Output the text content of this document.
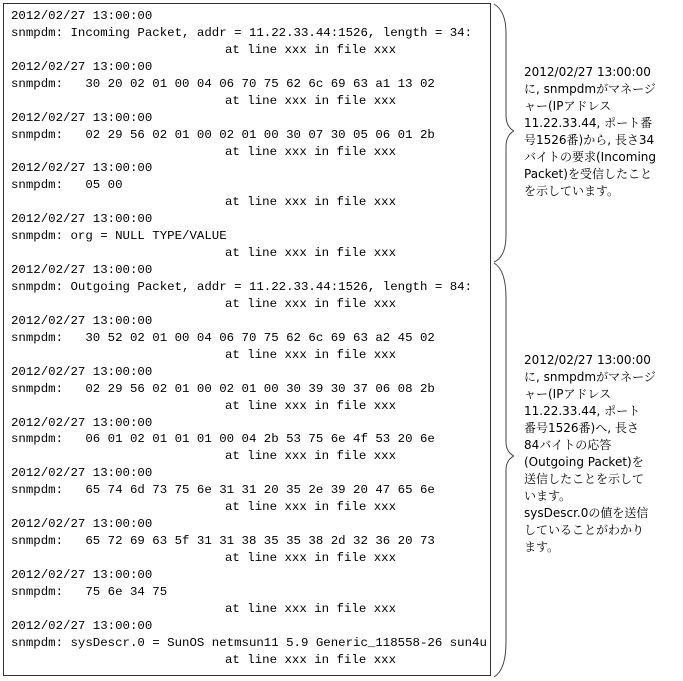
2012/02/27 13:00:00
snmpdm: Incoming Packet, addr = 11.22.33.44:1526, length = 34:
at line xxx in file xxx
2012/02/27 13:00:00
snmpdm:   30 20 02 01 00 04 06 70 75 62 6c 69 63 a1 13 02
at line xxx in file xxx
2012/02/27 13:00:00
snmpdm:   02 29 56 02 01 00 02 01 00 30 07 30 05 06 01 2b
at line xxx in file xxx
2012/02/27 13:00:00
snmpdm:   05 00
at line xxx in file xxx
2012/02/27 13:00:00
snmpdm: org = NULL TYPE/VALUE
at line xxx in file xxx
2012/02/27 13:00:00
snmpdm: Outgoing Packet, addr = 11.22.33.44:1526, length = 84:
at line xxx in file xxx
2012/02/27 13:00:00
snmpdm:   30 52 02 01 00 04 06 70 75 62 6c 69 63 a2 45 02
at line xxx in file xxx
2012/02/27 13:00:00
snmpdm:   02 29 56 02 01 00 02 01 00 30 39 30 37 06 08 2b
at line xxx in file xxx
2012/02/27 13:00:00
snmpdm:   06 01 02 01 01 01 00 04 2b 53 75 6e 4f 53 20 6e
at line xxx in file xxx
2012/02/27 13:00:00
snmpdm:   65 74 6d 73 75 6e 31 31 20 35 2e 39 20 47 65 6e
at line xxx in file xxx
2012/02/27 13:00:00
snmpdm:   65 72 69 63 5f 31 31 38 35 35 38 2d 32 36 20 73
at line xxx in file xxx
2012/02/27 13:00:00
snmpdm:   75 6e 34 75
at line xxx in file xxx
2012/02/27 13:00:00
snmpdm: sysDescr.0 = SunOS netmsun11 5.9 Generic_118558-26 sun4u
at line xxx in file xxx
2012/02/27 13:00:00
に, snmpdmがマネージ
ャー(IPアドレス
11.22.33.44, ポート番
号1526番)から, 長さ34
バイトの要求(Incoming
Packet)を受信したこと
を示しています。
2012/02/27 13:00:00
に, snmpdmがマネージ
ャー(IPアドレス
11.22.33.44, ポート
番号1526番)へ, 長さ
84バイトの応答
(Outgoing Packet)を
送信したことを示して
います。
sysDescr.0の値を送信
していることがわかり
ます。
